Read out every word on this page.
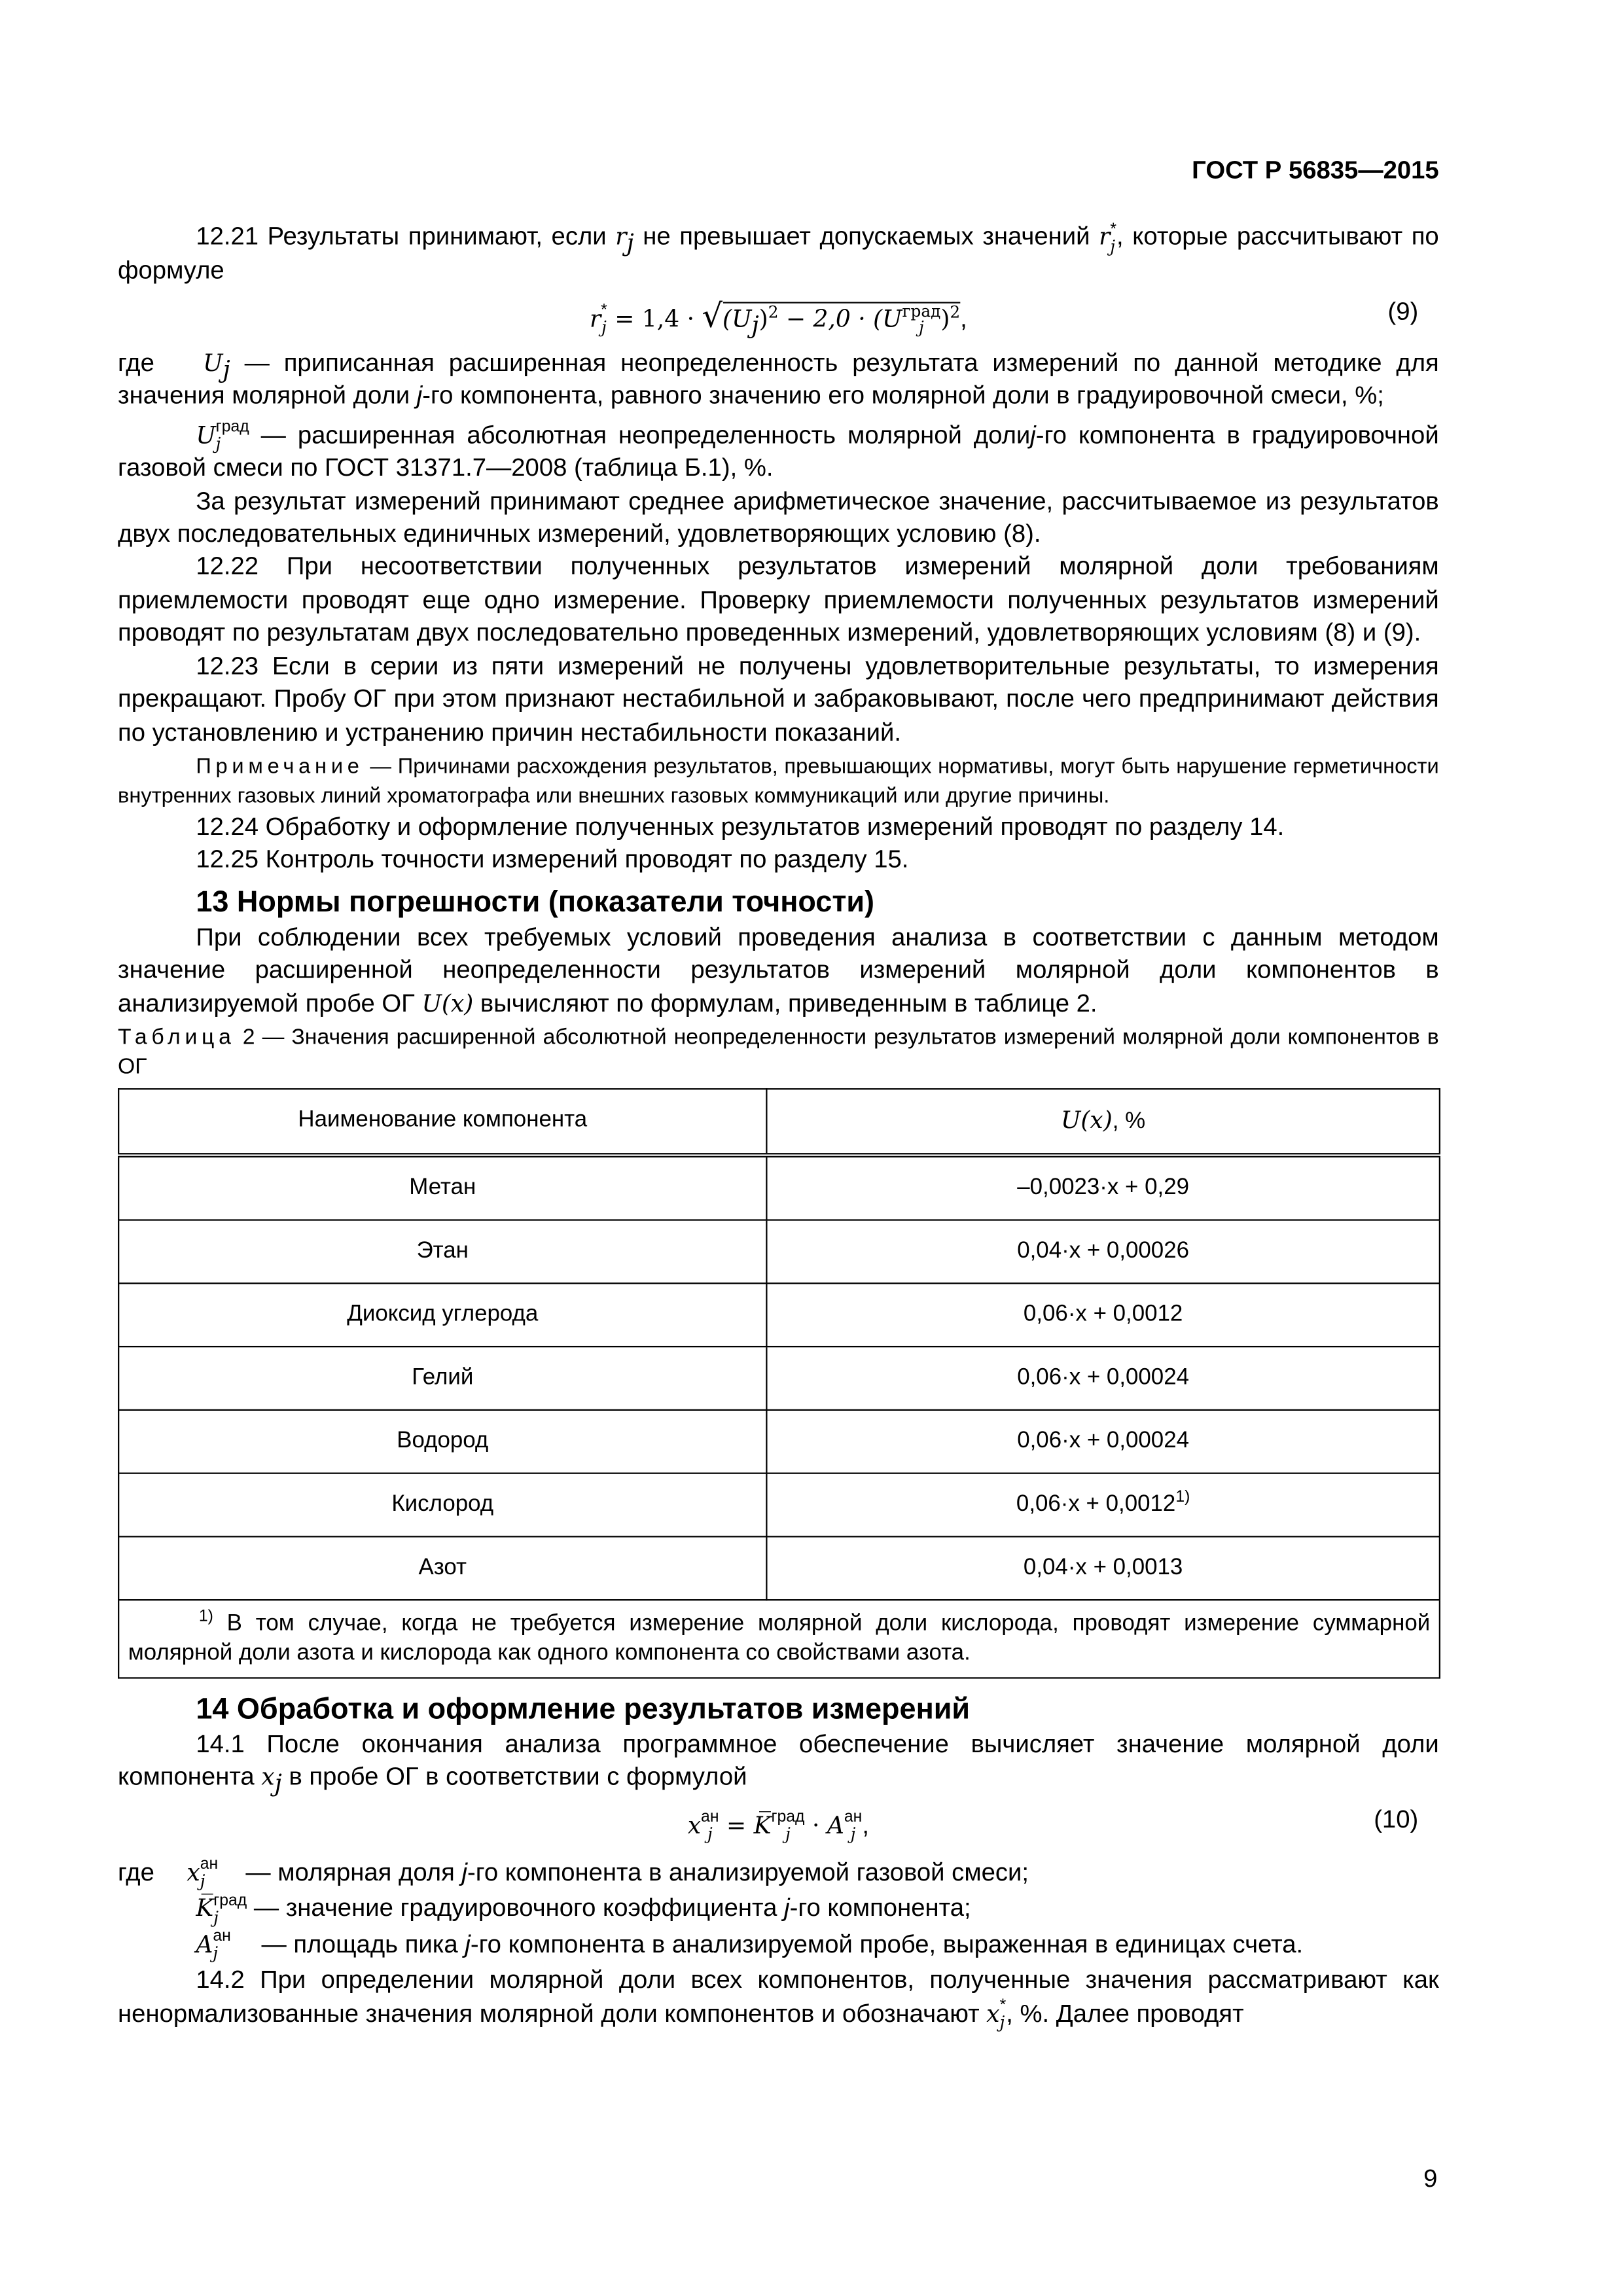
ГОСТ Р 56835—2015
12.21 Результаты принимают, если $r_j$ не превышает допускаемых значений r *
j , которые рассчитывают по формуле
r *
$j = 1,4 \cdot √(U_j)^2 - 2,0 \cdot (U$ град
j	)$^2$,	(9)
где	$U_j$ — приписанная расширенная неопределенность результата измерений по данной методике для значения молярной доли j-го компонента, равного значению его молярной доли в градуировочной смеси, %;
U град
j	— расширенная абсолютная неопределенность молярной долиj-го компонента в градуировочной газовой смеси по ГОСТ 31371.7—2008 (таблица Б.1), %.
За результат измерений принимают среднее арифметическое значение, рассчитываемое из результатов двух последовательных единичных измерений, удовлетворяющих условию (8).
12.22 При несоответствии полученных результатов измерений молярной доли требованиям приемлемости проводят еще одно измерение. Проверку приемлемости полученных результатов измерений проводят по результатам двух последовательно проведенных измерений, удовлетворяющих условиям (8) и (9).
12.23 Если в серии из пяти измерений не получены удовлетворительные результаты, то измерения прекращают. Пробу ОГ при этом признают нестабильной и забраковывают, после чего предпринимают действия по установлению и устранению причин нестабильности показаний.
Примечание — Причинами расхождения результатов, превышающих нормативы, могут быть нарушение герметичности внутренних газовых линий хроматографа или внешних газовых коммуникаций или другие причины.
12.24 Обработку и оформление полученных результатов измерений проводят по разделу 14.
12.25 Контроль точности измерений проводят по разделу 15.
13 Нормы погрешности (показатели точности)
При соблюдении всех требуемых условий проведения анализа в соответствии с данным методом значение расширенной неопределенности результатов измерений молярной доли компонентов в анализируемой пробе ОГ U(x) вычисляют по формулам, приведенным в таблице 2.
Таблица 2 — Значения расширенной абсолютной неопределенности результатов измерений молярной доли компонентов в ОГ
Наименование компонента	U(x), %
Метан	–0,0023·x + 0,29
Этан	0,04·x + 0,00026
Диоксид углерода	0,06·x + 0,0012
Гелий	0,06·x + 0,00024
Водород	0,06·x + 0,00024
Кислород	$0,06\cdot x + 0,0012^{1)}$
Азот	0,04·x + 0,0013
$^{1)}$ В том случае, когда не требуется измерение молярной доли кислорода, проводят измерение суммарной молярной доли азота и кислорода как одного компонента со свойствами азота.	
14 Обработка и оформление результатов измерений
14.1 После окончания анализа программное обеспечение вычисляет значение молярной доли компонента $x_j$ в пробе ОГ в соответствии с формулой
x ан
j = K̅ град
j	· A ан
j ,	(10)
где	x ан
j	— молярная доля j-го компонента в анализируемой газовой смеси;
K̅ град
j	— значение градуировочного коэффициента j-го компонента;
A ан
j	— площадь пика j-го компонента в анализируемой пробе, выраженная в единицах счета.
14.2 При определении молярной доли всех компонентов, полученные значения рассматривают как ненормализованные значения молярной доли компонентов и обозначают x *
j , %. Далее проводят
9
